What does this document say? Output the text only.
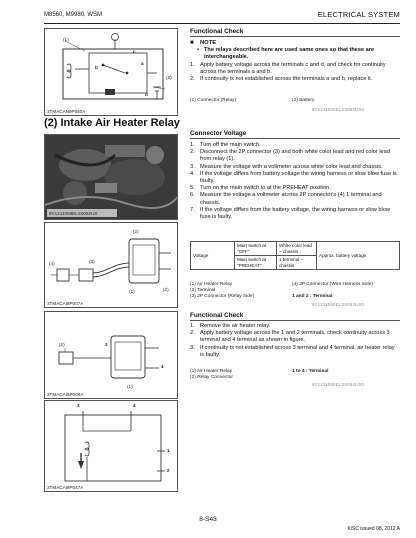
M8560, M9980, WSM	ELECTRICAL SYSTEM
(1)
(2)
a
b
c
d
3TMACAN9P040A
Functional Check
■ NOTE
• The relays described here are used same ones so that these are interchangeable.
1. Apply battery voltage across the terminals c and d, and check for continuity across the terminals a and b.
2. If continuity is not established across the terminals a and b, replace it.
(1) Connector (Relay)	(2) Battery
9Y1211068ELS0050US0
(2) Intake Air Heater Relay
9Y1211068ELS0052US
Connector Voltage
1. Turn off the main switch.
2. Disconnect the 2P connector (3) and both white color lead and red color lead from relay (1).
3. Measure the voltage with a voltmeter across white color lead and chassis.
4. If the voltage differs from battery voltage the wiring harness or slow blow fuse is faulty.
5. Turn on the main switch to at the PREHEAT position.
6. Measure the voltage a voltmeter across 2P connector's (4) 1 terminal and chassis.
7. If the voltage differs from the battery voltage, the wiring harness or slow blow fuse is faulty.
Voltage	Main switch at "OFF"	White color lead – chassis	Approx. battery voltage
	Main switch at "PREHEAT"	1 terminal – chassis	
(1) Air Heater Relay
(2) Terminal
(3) 2P Connector (Relay Side)
(4) 2P Connector (Wire Harness Side)
1 and 2 : Terminal
9Y1211068ELS0053US0
(2)
(4)	(3)
(1)	(2)
3TMACAI9P007A
Functional Check
1. Remove the air heater relay.
2. Apply battery voltage across the 1 and 2 terminals, check continuity across 3 terminal and 4 terminal as shown in figure.
3. If continuity is not established across 3 terminal and 4 terminal, air heater relay is faulty.
(1) Air Heater Relay
(2) Relay Connector
1 to 4 : Terminal
9Y1211068ELS0054US0
(2)
(1)
3
4
3TMACAI9P008A
3	4
1
2
3TMACAI9P047A
8-S43
KiSC issued 08, 2012 A
